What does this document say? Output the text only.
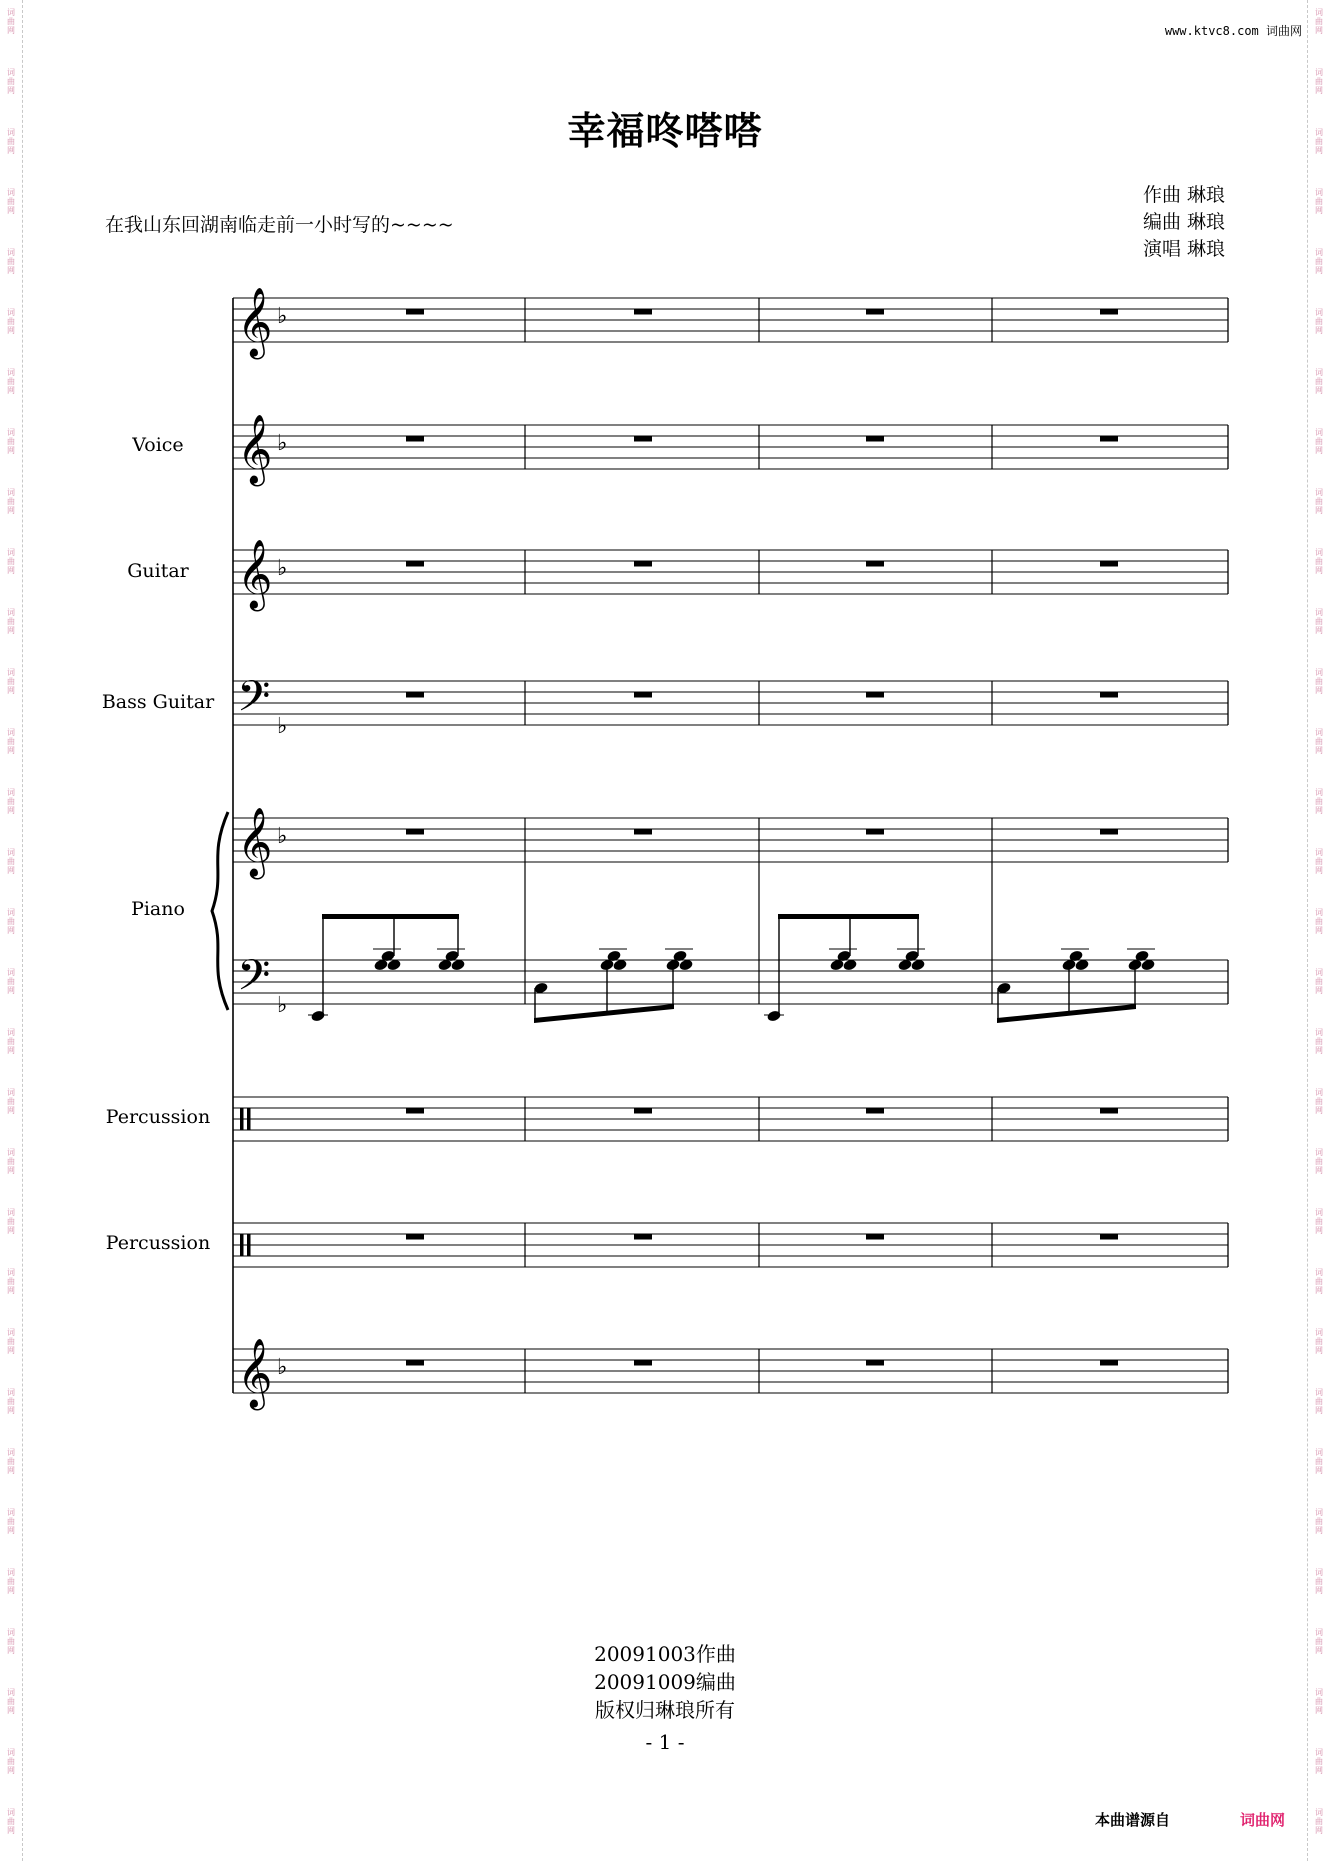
词
曲
网
词
曲
网
词
曲
网
词
曲
网
词
曲
网
词
曲
网
词
曲
网
词
曲
网
词
曲
网
词
曲
网
词
曲
网
词
曲
网
词
曲
网
词
曲
网
词
曲
网
词
曲
网
词
曲
网
词
曲
网
词
曲
网
词
曲
网
词
曲
网
词
曲
网
词
曲
网
词
曲
网
词
曲
网
词
曲
网
词
曲
网
词
曲
网
词
曲
网
词
曲
网
词
曲
网
词
曲
网
词
曲
网
词
曲
网
词
曲
网
词
曲
网
词
曲
网
词
曲
网
词
曲
网
词
曲
网
词
曲
网
词
曲
网
词
曲
网
词
曲
网
词
曲
网
词
曲
网
词
曲
网
词
曲
网
词
曲
网
词
曲
网
词
曲
网
词
曲
网
词
曲
网
词
曲
网
词
曲
网
词
曲
网
词
曲
网
词
曲
网
词
曲
网
词
曲
网
词
曲
网
词
曲
网
www.ktvc8.com 词曲网
幸福咚嗒嗒
在我山东回湖南临走前一小时写的~~~~
作曲 琳琅
编曲 琳琅
演唱 琳琅
Voice
Guitar
Bass Guitar
Piano
Percussion
Percussion
𝄞 ♭
𝄞 ♭
𝄞 ♭
𝄢 ♭
𝄞 ♭
𝄢 ♭
𝄞 ♭
20091003作曲
20091009编曲
版权归琳琅所有
- 1 -
本曲谱源自	词曲网
